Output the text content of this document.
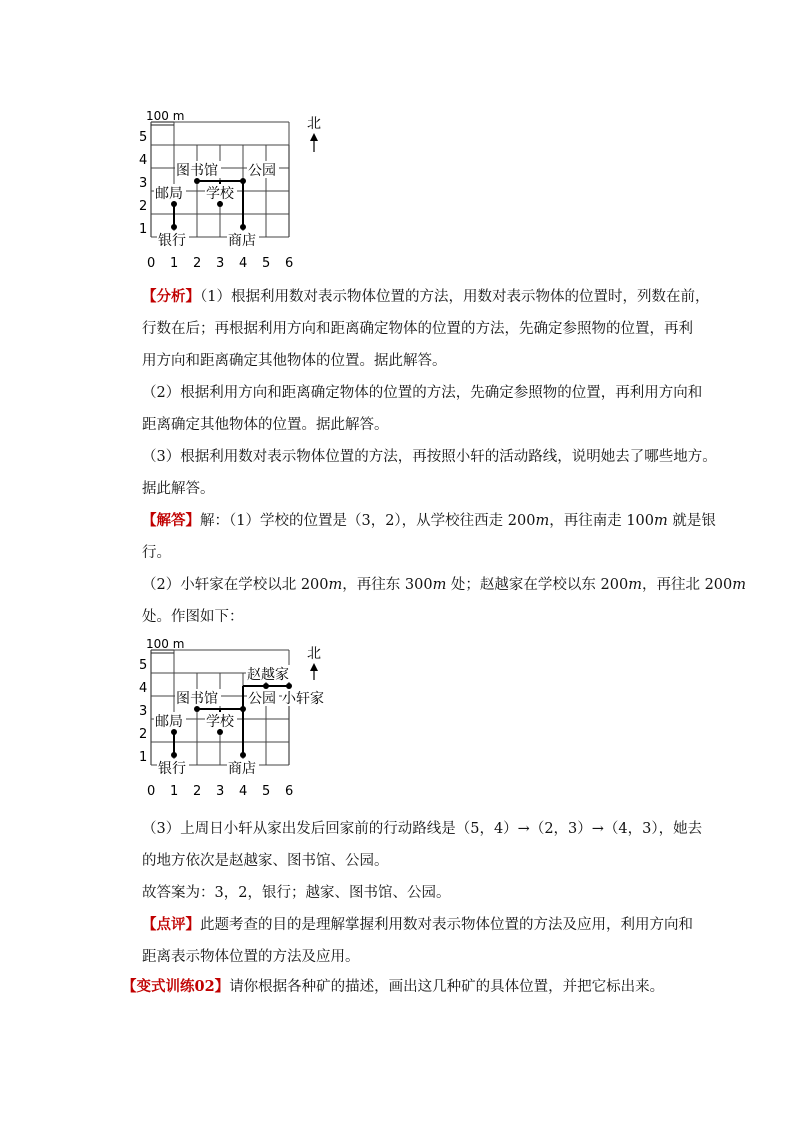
100 m
5
4
3
2
1
0 1 2 3 4 5 6
图书馆 公园
邮局 学校
银行	商店
北
【分析】（1）根据利用数对表示物体位置的方法，用数对表示物体的位置时，列数在前，
行数在后；再根据利用方向和距离确定物体的位置的方法，先确定参照物的位置，再利
用方向和距离确定其他物体的位置。据此解答。
（2）根据利用方向和距离确定物体的位置的方法，先确定参照物的位置，再利用方向和
距离确定其他物体的位置。据此解答。
（3）根据利用数对表示物体位置的方法，再按照小轩的活动路线，说明她去了哪些地方。
据此解答。
【解答】解：（1）学校的位置是（3，2），从学校往西走 200m，再往南走 100m 就是银
行。
（2）小轩家在学校以北 200m，再往东 300m 处；赵越家在学校以东 200m，再往北 200m
处。作图如下：
100 m
5
4
3
2
1
0 1 2 3 4 5 6
图书馆 公园
邮局 学校
银行	商店
赵越家
小轩家
北
（3）上周日小轩从家出发后回家前的行动路线是（5，4）→（2，3）→（4，3），她去
的地方依次是赵越家、图书馆、公园。
故答案为：3，2，银行；越家、图书馆、公园。
【点评】此题考查的目的是理解掌握利用数对表示物体位置的方法及应用，利用方向和
距离表示物体位置的方法及应用。
【变式训练02】请你根据各种矿的描述，画出这几种矿的具体位置，并把它标出来。
